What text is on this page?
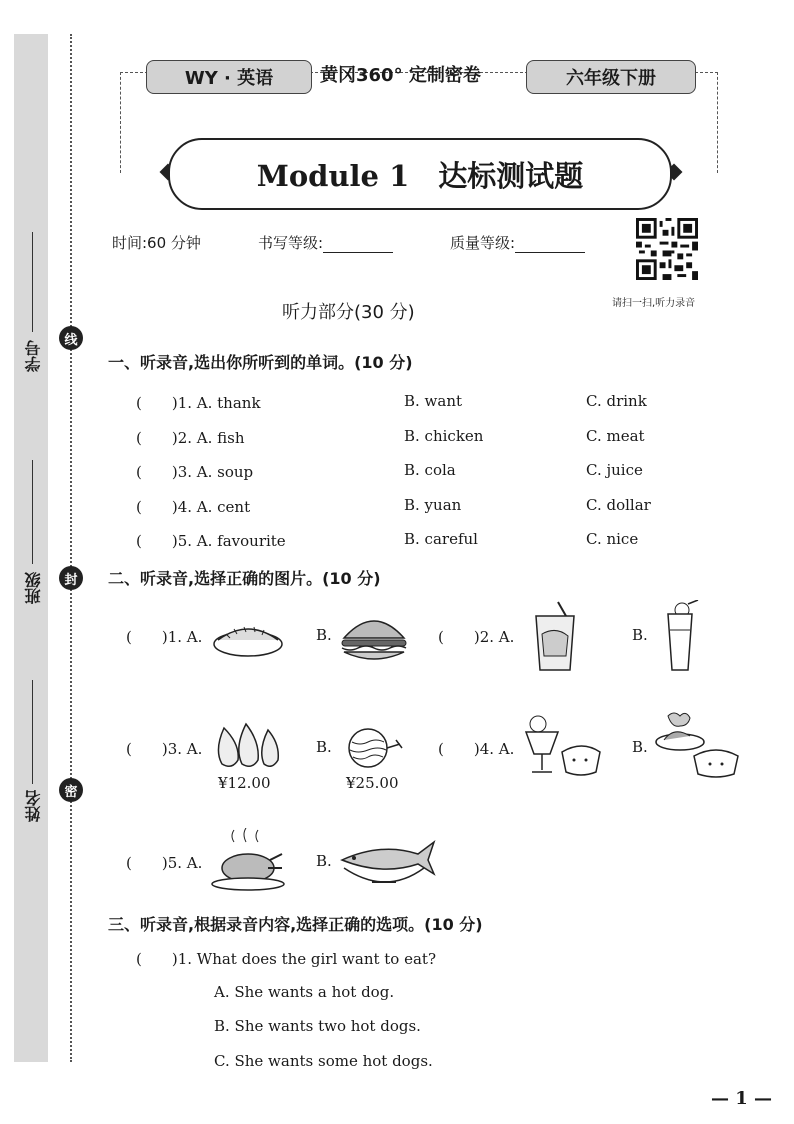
学号
班级
姓名
线
封
密
WY · 英语	黄冈360° 定制密卷	六年级下册
Module 1　达标测试题
时间:60 分钟	书写等级:	质量等级:
请扫一扫,听力录音
听力部分(30 分)
一、听录音,选出你所听到的单词。(10 分)
(　　)1. A. thank	B. want	C. drink
(　　)2. A. fish	B. chicken	C. meat
(　　)3. A. soup	B. cola	C. juice
(　　)4. A. cent	B. yuan	C. dollar
(　　)5. A. favourite	B. careful	C. nice
二、听录音,选择正确的图片。(10 分)
(　　)1. A.	B.	(　　)2. A.	B.
(　　)3. A.
¥12.00
B.
¥25.00
(　　)4. A.	B.
(　　)5. A.	B.
三、听录音,根据录音内容,选择正确的选项。(10 分)
(　　)1. What does the girl want to eat?
A. She wants a hot dog.
B. She wants two hot dogs.
C. She wants some hot dogs.
— 1 —
